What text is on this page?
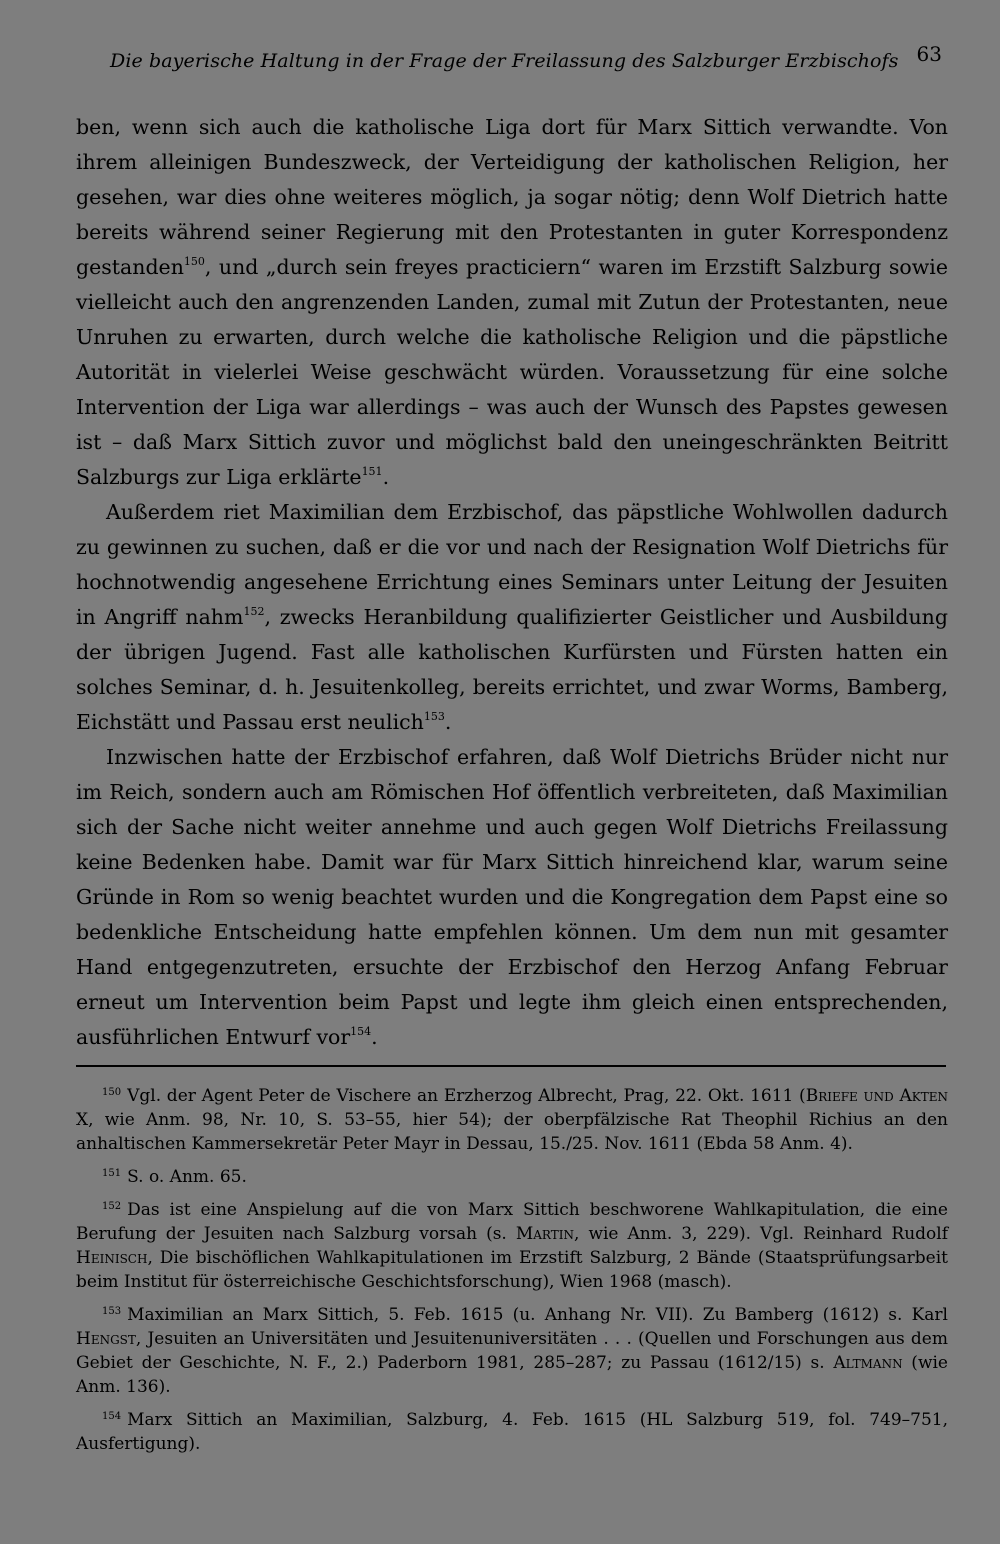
Die bayerische Haltung in der Frage der Freilassung des Salzburger Erzbischofs 63

ben, wenn sich auch die katholische Liga dort für Marx Sittich verwandte. Von ihrem alleinigen Bundeszweck, der Verteidigung der katholischen Religion, her gesehen, war dies ohne weiteres möglich, ja sogar nötig; denn Wolf Dietrich hatte bereits während seiner Regierung mit den Protestanten in guter Korrespondenz gestanden$^{150}$, und „durch sein freyes practiciern“ waren im Erzstift Salzburg sowie vielleicht auch den angrenzenden Landen, zumal mit Zutun der Protestanten, neue Unruhen zu erwarten, durch welche die katholische Religion und die päpstliche Autorität in vielerlei Weise geschwächt würden. Voraussetzung für eine solche Intervention der Liga war allerdings – was auch der Wunsch des Papstes gewesen ist – daß Marx Sittich zuvor und möglichst bald den uneingeschränkten Beitritt Salzburgs zur Liga erklärte$^{151}$.

Außerdem riet Maximilian dem Erzbischof, das päpstliche Wohlwollen dadurch zu gewinnen zu suchen, daß er die vor und nach der Resignation Wolf Dietrichs für hochnotwendig angesehene Errichtung eines Seminars unter Leitung der Jesuiten in Angriff nahm$^{152}$, zwecks Heranbildung qualifizierter Geistlicher und Ausbildung der übrigen Jugend. Fast alle katholischen Kurfürsten und Fürsten hatten ein solches Seminar, d. h. Jesuitenkolleg, bereits errichtet, und zwar Worms, Bamberg, Eichstätt und Passau erst neulich$^{153}$.

Inzwischen hatte der Erzbischof erfahren, daß Wolf Dietrichs Brüder nicht nur im Reich, sondern auch am Römischen Hof öffentlich verbreiteten, daß Maximilian sich der Sache nicht weiter annehme und auch gegen Wolf Dietrichs Freilassung keine Bedenken habe. Damit war für Marx Sittich hinreichend klar, warum seine Gründe in Rom so wenig beachtet wurden und die Kongregation dem Papst eine so bedenkliche Entscheidung hatte empfehlen können. Um dem nun mit gesamter Hand entgegenzutreten, ersuchte der Erzbischof den Herzog Anfang Februar erneut um Intervention beim Papst und legte ihm gleich einen entsprechenden, ausführlichen Entwurf vor$^{154}$.

$^{150}$ Vgl. der Agent Peter de Vischere an Erzherzog Albrecht, Prag, 22. Okt. 1611 (Briefe und Akten X, wie Anm. 98, Nr. 10, S. 53–55, hier 54); der oberpfälzische Rat Theophil Richius an den anhaltischen Kammersekretär Peter Mayr in Dessau, 15./25. Nov. 1611 (Ebda 58 Anm. 4).

$^{151}$ S. o. Anm. 65.

$^{152}$ Das ist eine Anspielung auf die von Marx Sittich beschworene Wahlkapitulation, die eine Berufung der Jesuiten nach Salzburg vorsah (s. Martin, wie Anm. 3, 229). Vgl. Reinhard Rudolf Heinisch, Die bischöflichen Wahlkapitulationen im Erzstift Salzburg, 2 Bände (Staatsprüfungsarbeit beim Institut für österreichische Geschichtsforschung), Wien 1968 (masch).

$^{153}$ Maximilian an Marx Sittich, 5. Feb. 1615 (u. Anhang Nr. VII). Zu Bamberg (1612) s. Karl Hengst, Jesuiten an Universitäten und Jesuitenuniversitäten . . . (Quellen und Forschungen aus dem Gebiet der Geschichte, N. F., 2.) Paderborn 1981, 285–287; zu Passau (1612/15) s. Altmann (wie Anm. 136).

$^{154}$ Marx Sittich an Maximilian, Salzburg, 4. Feb. 1615 (HL Salzburg 519, fol. 749–751, Ausfertigung).
